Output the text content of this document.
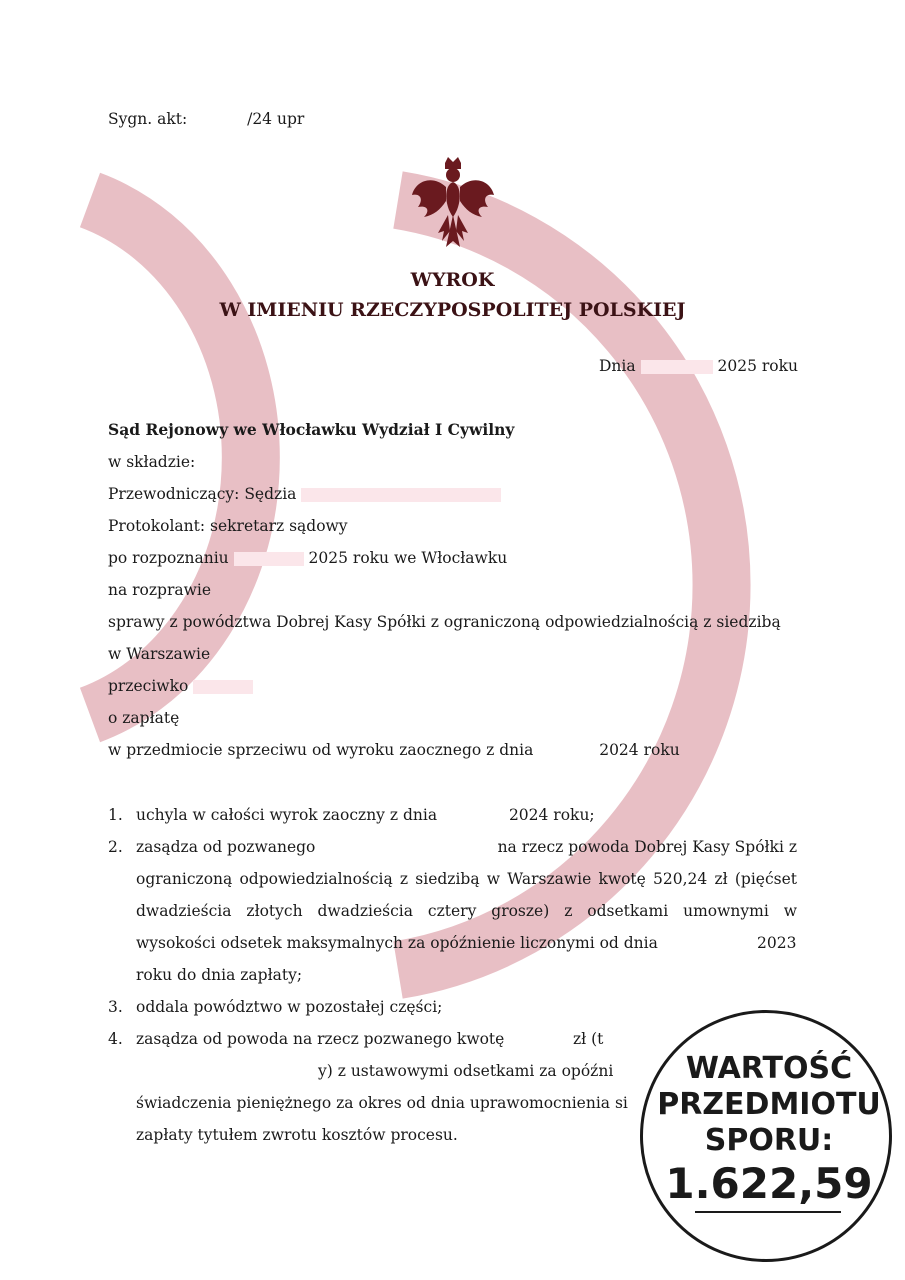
Sygn. akt:	/24 upr
WYROK
W IMIENIU RZECZYPOSPOLITEJ POLSKIEJ
Dnia	2025 roku
Sąd Rejonowy we Włocławku Wydział I Cywilny
w składzie:
Przewodniczący: Sędzia
Protokolant: sekretarz sądowy
po rozpoznaniu	2025 roku we Włocławku
na rozprawie
sprawy z powództwa Dobrej Kasy Spółki z ograniczoną odpowiedzialnością z siedzibą
w Warszawie
przeciwko
o zapłatę
w przedmiocie sprzeciwu od wyroku zaocznego z dnia	2024 roku
1. uchyla w całości wyrok zaoczny z dnia	2024 roku;
2. zasądza od pozwanego	na rzecz powoda Dobrej Kasy Spółki z
ograniczoną odpowiedzialnością z siedzibą w Warszawie kwotę 520,24 zł (pięćset
dwadzieścia złotych dwadzieścia cztery grosze) z odsetkami umownymi w
wysokości odsetek maksymalnych za opóźnienie liczonymi od dnia	2023
roku do dnia zapłaty;
3. oddala powództwo w pozostałej części;
4. zasądza od powoda na rzecz pozwanego kwotę	zł (t
y) z ustawowymi odsetkami za opóźni
świadczenia pieniężnego za okres od dnia uprawomocnienia si
zapłaty tytułem zwrotu kosztów procesu.
WARTOŚĆ
PRZEDMIOTU
SPORU:
1.622,59
